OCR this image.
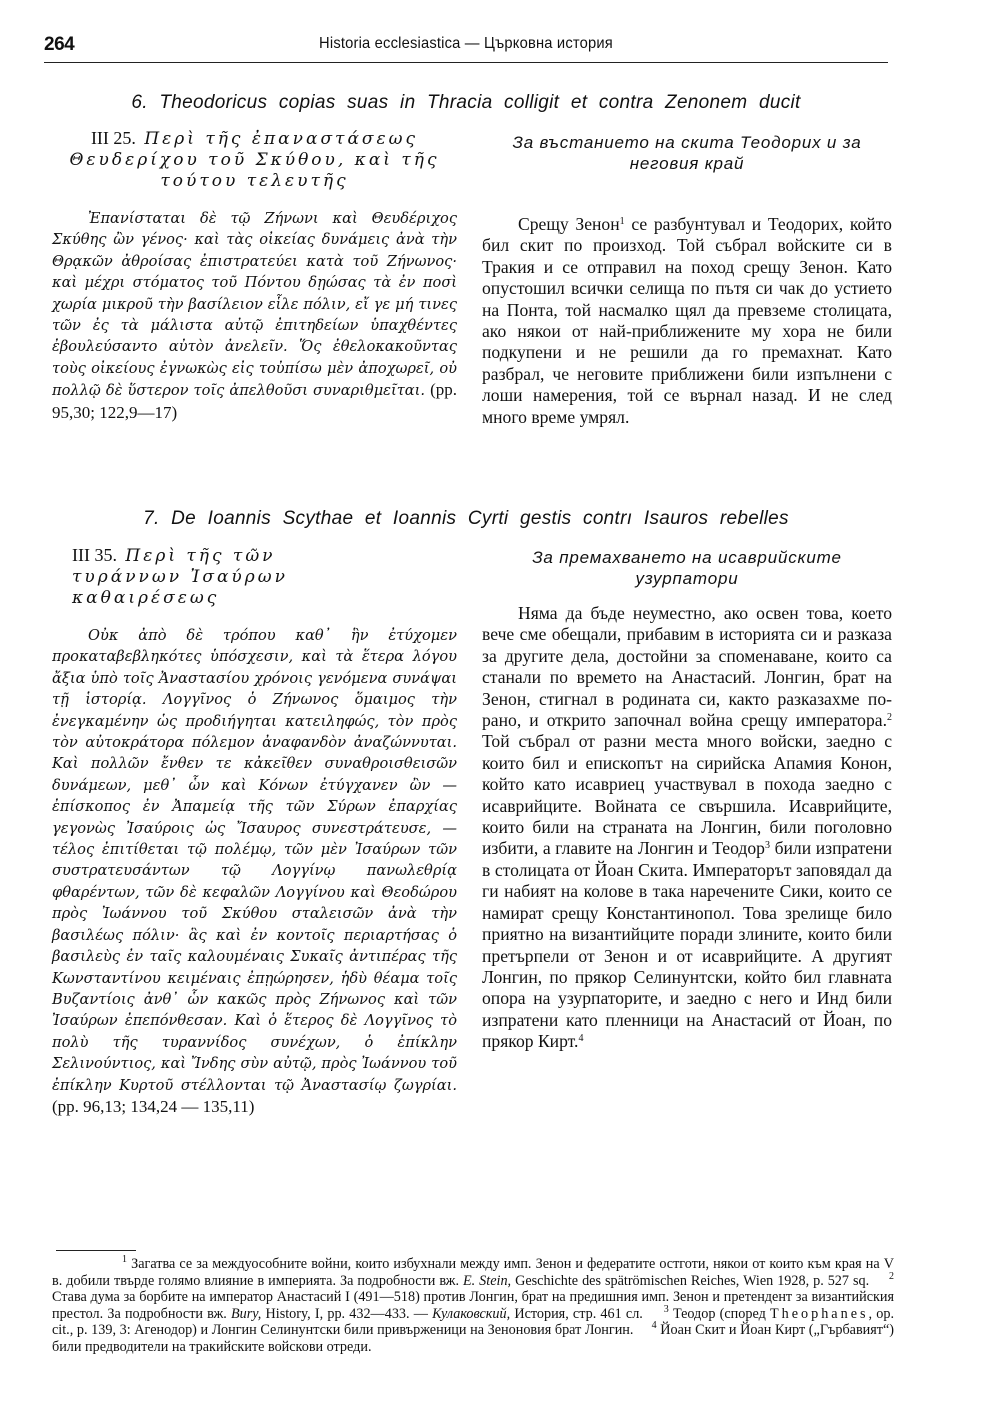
264	Historia ecclesiastica — Църковна история
6. Theodoricus copias suas in Thracia colligit et contra Zenonem ducit
III 25. Περὶ τῆς ἐπαναστάσεως Θευδερίχου τοῦ Σκύθου, καὶ τῆς τούτου τελευτῆς

Ἐπανίσταται δὲ τῷ Ζήνωνι καὶ Θευδέριχος Σκύθης ὢν γένος· καὶ τὰς οἰκείας δυνάμεις ἀνὰ τὴν Θρᾳκῶν ἀθροίσας ἐπιστρατεύει κατὰ τοῦ Ζήνωνος· καὶ μέχρι στόματος τοῦ Πόντου δῃώσας τὰ ἐν ποσὶ χωρία μικροῦ τὴν βασίλειον εἷλε πόλιν, εἴ γε μή τινες τῶν ἐς τὰ μάλιστα αὐτῷ ἐπιτηδείων ὑπαχθέντες ἐβουλεύσαντο αὐτὸν ἀνελεῖν. Ὅς ἐθελοκακοῦντας τοὺς οἰκείους ἐγνωκὼς εἰς τοὐπίσω μὲν ἀποχωρεῖ, οὐ πολλῷ δὲ ὕστερον τοῖς ἀπελθοῦσι συναριθμεῖται. (pp. 95,30; 122,9—17)

За въстанието на скита Теодорих и за неговия край

Срещу Зенон$^1$ се разбунтувал и Теодорих, който бил скит по произход. Той събрал войските си в Тракия и се отправил на поход срещу Зенон. Като опустошил всички селища по пътя си чак до устието на Понта, той насмалко щял да превземе столицата, ако някои от най-приближените му хора не били подкупени и не решили да го премахнат. Като разбрал, че неговите приближени били изпълнени с лоши намерения, той се върнал назад. И не след много време умрял.

7. De Ioannis Scythae et Ioannis Cyrti gestis contrı Isauros rebelles
III 35. Περὶ τῆς τῶν τυράννων Ἰσαύρων καθαιρέσεως

Οὐκ ἀπὸ δὲ τρόπου καθ᾿ ἣν ἐτύχομεν προκαταβεβληκότες ὑπόσχεσιν, καὶ τὰ ἕτερα λόγου ἄξια ὑπὸ τοῖς Ἀναστασίου χρόνοις γενόμενα συνάψαι τῇ ἱστορίᾳ. Λογγῖνος ὁ Ζήνωνος ὅμαιμος τὴν ἐνεγκαμένην ὡς προδιήγηται κατειληφώς, τὸν πρὸς τὸν αὐτοκράτορα πόλεμον ἀναφανδὸν ἀναζώννυται. Καὶ πολλῶν ἔνθεν τε κἀκεῖθεν συναθροισθεισῶν δυνάμεων, μεθ᾿ ὧν καὶ Κόνων ἐτύγχανεν ὢν — ἐπίσκοπος ἐν Ἀπαμείᾳ τῆς τῶν Σύρων ἐπαρχίας γεγονὼς Ἰσαύροις ὡς Ἴσαυρος συνεστράτευσε, — τέλος ἐπιτίθεται τῷ πολέμῳ, τῶν μὲν Ἰσαύρων τῶν συστρατευσάντων τῷ Λογγίνῳ πανωλεθρίᾳ φθαρέντων, τῶν δὲ κεφαλῶν Λογγίνου καὶ Θεοδώρου πρὸς Ἰωάννου τοῦ Σκύθου σταλεισῶν ἀνὰ τὴν βασιλέως πόλιν· ἃς καὶ ἐν κοντοῖς περιαρτήσας ὁ βασιλεὺς ἐν ταῖς καλουμέναις Συκαῖς ἀντιπέρας τῆς Κωνσταντίνου κειμέναις ἐπῃώρησεν, ἡδὺ θέαμα τοῖς Βυζαντίοις ἀνθ᾿ ὧν κακῶς πρὸς Ζήνωνος καὶ τῶν Ἰσαύρων ἐπεπόνθεσαν. Καὶ ὁ ἕτερος δὲ Λογγῖνος τὸ πολὺ τῆς τυραννίδος συνέχων, ὁ ἐπίκλην Σελινούντιος, καὶ Ἴνδης σὺν αὐτῷ, πρὸς Ἰωάννου τοῦ ἐπίκλην Κυρτοῦ στέλλονται τῷ Ἀναστασίῳ ζωγρίαι. (pp. 96,13; 134,24 — 135,11)

За премахването на исаврийските узурпатори

Няма да бъде неуместно, ако освен това, което вече сме обещали, прибавим в историята си и разказа за другите дела, достойни за споменаване, които са станали по времето на Анастасий. Лонгин, брат на Зенон, стигнал в родината си, както разказахме по-рано, и открито започнал война срещу императора.$^2$ Той събрал от разни места много войски, заедно с които бил и епископът на сирийска Апамия Конон, който като исавриец участвувал в похода заедно с исаврийците. Войната се свършила. Исаврийците, които били на страната на Лонгин, били поголовно избити, а главите на Лонгин и Теодор$^3$ били изпратени в столицата от Йоан Скита. Императорът заповядал да ги набият на колове в така наречените Сики, които се намират срещу Константинопол. Това зрелище било приятно на византийците поради злините, които били претърпели от Зенон и от исаврийците. А другият Лонгин, по прякор Селинунтски, който бил главната опора на узурпаторите, и заедно с него и Инд били изпратени като пленници на Анастасий от Йоан, по прякор Кирт.$^4$

$^1$ Загатва се за междуособните войни, които избухнали между имп. Зенон и федератите остготи, някои от които към края на V в. добили твърде голямо влияние в империята. За подробности вж. E. Stein, Geschichte des spätrömischen Reiches, Wien 1928, p. 527 sq. $^2$ Става дума за борбите на император Анастасий I (491—518) против Лонгин, брат на предишния имп. Зенон и претендент за византийския престол. За подробности вж. Bury, History, I, pp. 432—433. — Кулаковский, История, стр. 461 сл. $^3$ Теодор (според Theophanes, op. cit., p. 139, 3: Агенодор) и Лонгин Селинунтски били привърженици на Зеноновия брат Лонгин. $^4$ Йоан Скит и Йоан Кирт („Гърбавият“) били предводители на тракийските войскови отреди.
